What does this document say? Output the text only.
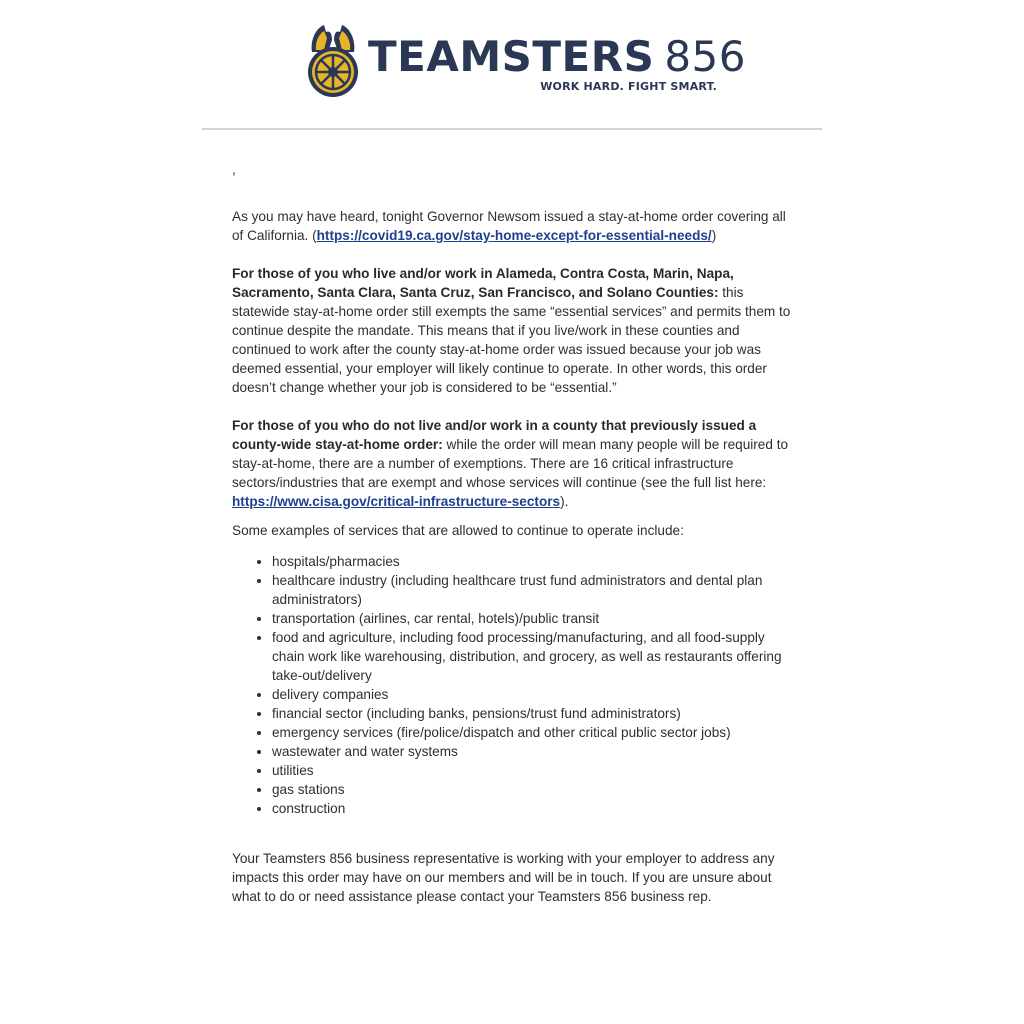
TEAMSTERS 856
WORK HARD. FIGHT SMART.

,

As you may have heard, tonight Governor Newsom issued a stay-at-home order covering all of California. (https://covid19.ca.gov/stay-home-except-for-essential-needs/)

For those of you who live and/or work in Alameda, Contra Costa, Marin, Napa, Sacramento, Santa Clara, Santa Cruz, San Francisco, and Solano Counties: this statewide stay-at-home order still exempts the same “essential services” and permits them to continue despite the mandate. This means that if you live/work in these counties and continued to work after the county stay-at-home order was issued because your job was deemed essential, your employer will likely continue to operate. In other words, this order doesn’t change whether your job is considered to be “essential.”

For those of you who do not live and/or work in a county that previously issued a county-wide stay-at-home order: while the order will mean many people will be required to stay-at-home, there are a number of exemptions. There are 16 critical infrastructure sectors/industries that are exempt and whose services will continue (see the full list here: https://www.cisa.gov/critical-infrastructure-sectors).

Some examples of services that are allowed to continue to operate include:

• hospitals/pharmacies
• healthcare industry (including healthcare trust fund administrators and dental plan administrators)
• transportation (airlines, car rental, hotels)/public transit
• food and agriculture, including food processing/manufacturing, and all food-supply chain work like warehousing, distribution, and grocery, as well as restaurants offering take-out/delivery
• delivery companies
• financial sector (including banks, pensions/trust fund administrators)
• emergency services (fire/police/dispatch and other critical public sector jobs)
• wastewater and water systems
• utilities
• gas stations
• construction

Your Teamsters 856 business representative is working with your employer to address any impacts this order may have on our members and will be in touch. If you are unsure about what to do or need assistance please contact your Teamsters 856 business rep.
